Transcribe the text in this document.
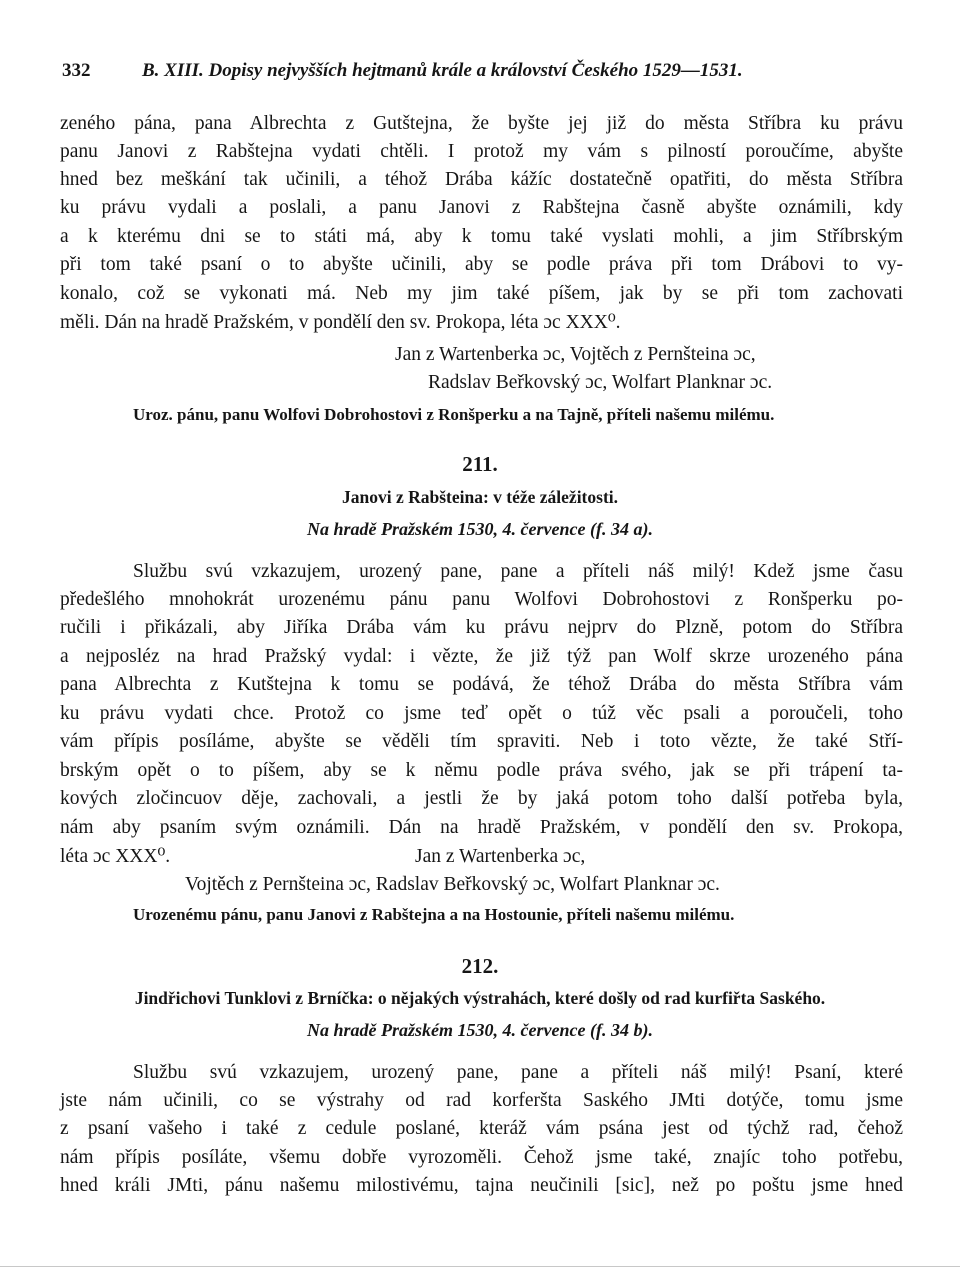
332	B. XIII. Dopisy nejvyšších hejtmanů krále a království Českého 1529—1531.
zeného pána, pana Albrechta z Gutštejna, že byšte jej již do města Stříbra ku právu
panu Janovi z Rabštejna vydati chtěli. I protož my vám s pilností poroučíme, abyšte
hned bez meškání tak učinili, a téhož Drába kážíc dostatečně opatřiti, do města Stříbra
ku právu vydali a poslali, a panu Janovi z Rabštejna časně abyšte oznámili, kdy
a k kterému dni se to státi má, aby k tomu také vyslati mohli, a jim Stříbrským
při tom také psaní o to abyšte učinili, aby se podle práva při tom Drábovi to vy-
konalo, což se vykonati má. Neb my jim také píšem, jak by se při tom zachovati
měli. Dán na hradě Pražském, v pondělí den sv. Prokopa, léta ɔc XXX⁰.
Jan z Wartenberka ɔc, Vojtěch z Pernšteina ɔc,
Radslav Beřkovský ɔc, Wolfart Planknar ɔc.
Uroz. pánu, panu Wolfovi Dobrohostovi z Ronšperku a na Tajně, příteli našemu milému.
211.
Janovi z Rabšteina: v téže záležitosti.
Na hradě Pražském 1530, 4. července (f. 34 a).
Službu svú vzkazujem, urozený pane, pane a příteli náš milý! Kdež jsme času
předešlého mnohokrát urozenému pánu panu Wolfovi Dobrohostovi z Ronšperku po-
ručili i přikázali, aby Jiříka Drába vám ku právu nejprv do Plzně, potom do Stříbra
a nejposléz na hrad Pražský vydal: i vězte, že již týž pan Wolf skrze urozeného pána
pana Albrechta z Kutštejna k tomu se podává, že téhož Drába do města Stříbra vám
ku právu vydati chce. Protož co jsme teď opět o túž věc psali a poroučeli, toho
vám přípis posíláme, abyšte se věděli tím spraviti. Neb i toto vězte, že také Stří-
brským opět o to píšem, aby se k němu podle práva svého, jak se při trápení ta-
kových zločincuov děje, zachovali, a jestli že by jaká potom toho další potřeba byla,
nám aby psaním svým oznámili. Dán na hradě Pražském, v pondělí den sv. Prokopa,
léta ɔc XXX⁰.	Jan z Wartenberka ɔc,
Vojtěch z Pernšteina ɔc, Radslav Beřkovský ɔc, Wolfart Planknar ɔc.
Urozenému pánu, panu Janovi z Rabštejna a na Hostounie, příteli našemu milému.
212.
Jindřichovi Tunklovi z Brníčka: o nějakých výstrahách, které došly od rad kurfiřta Saského.
Na hradě Pražském 1530, 4. července (f. 34 b).
Službu svú vzkazujem, urozený pane, pane a příteli náš milý! Psaní, které
jste nám učinili, co se výstrahy od rad korferšta Saského JMti dotýče, tomu jsme
z psaní vašeho i také z cedule poslané, kteráž vám psána jest od týchž rad, čehož
nám přípis posíláte, všemu dobře vyrozoměli. Čehož jsme také, znajíc toho potřebu,
hned králi JMti, pánu našemu milostivému, tajna neučinili [sic], než po poštu jsme hned
